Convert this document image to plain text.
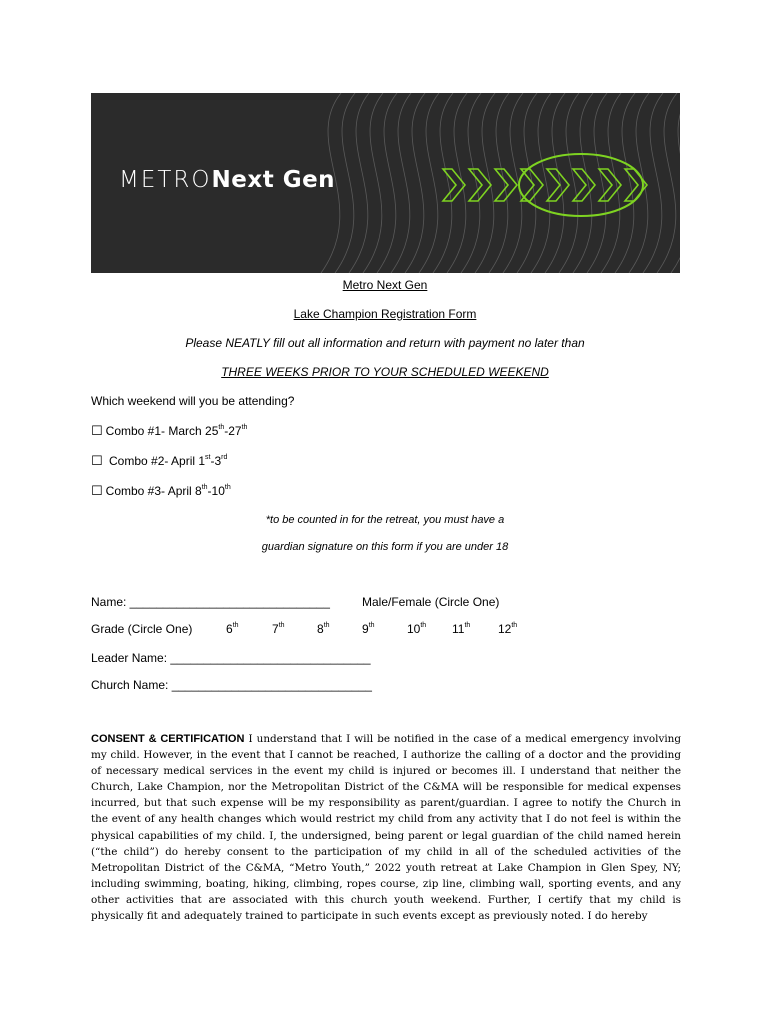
METRONext Gen
Metro Next Gen
Lake Champion Registration Form
Please NEATLY fill out all information and return with payment no later than
THREE WEEKS PRIOR TO YOUR SCHEDULED WEEKEND
Which weekend will you be attending?
☐ Combo #1- March 25th-27th
☐ Combo #2- April 1st-3rd
☐ Combo #3- April 8th-10th
*to be counted in for the retreat, you must have a
guardian signature on this form if you are under 18
Name: ______________________________	Male/Female (Circle One)
Grade (Circle One)	6th	7th	8th	9th	10th 11th 12th
Leader Name: ______________________________
Church Name: ______________________________
CONSENT & CERTIFICATION I understand that I will be notified in the case of a medical emergency involving my child. However, in the event that I cannot be reached, I authorize the calling of a doctor and the providing of necessary medical services in the event my child is injured or becomes ill. I understand that neither the Church, Lake Champion, nor the Metropolitan District of the C&MA will be responsible for medical expenses incurred, but that such expense will be my responsibility as parent/guardian. I agree to notify the Church in the event of any health changes which would restrict my child from any activity that I do not feel is within the physical capabilities of my child. I, the undersigned, being parent or legal guardian of the child named herein (“the child”) do hereby consent to the participation of my child in all of the scheduled activities of the Metropolitan District of the C&MA, “Metro Youth,” 2022 youth retreat at Lake Champion in Glen Spey, NY; including swimming, boating, hiking, climbing, ropes course, zip line, climbing wall, sporting events, and any other activities that are associated with this church youth weekend. Further, I certify that my child is physically fit and adequately trained to participate in such events except as previously noted. I do hereby
